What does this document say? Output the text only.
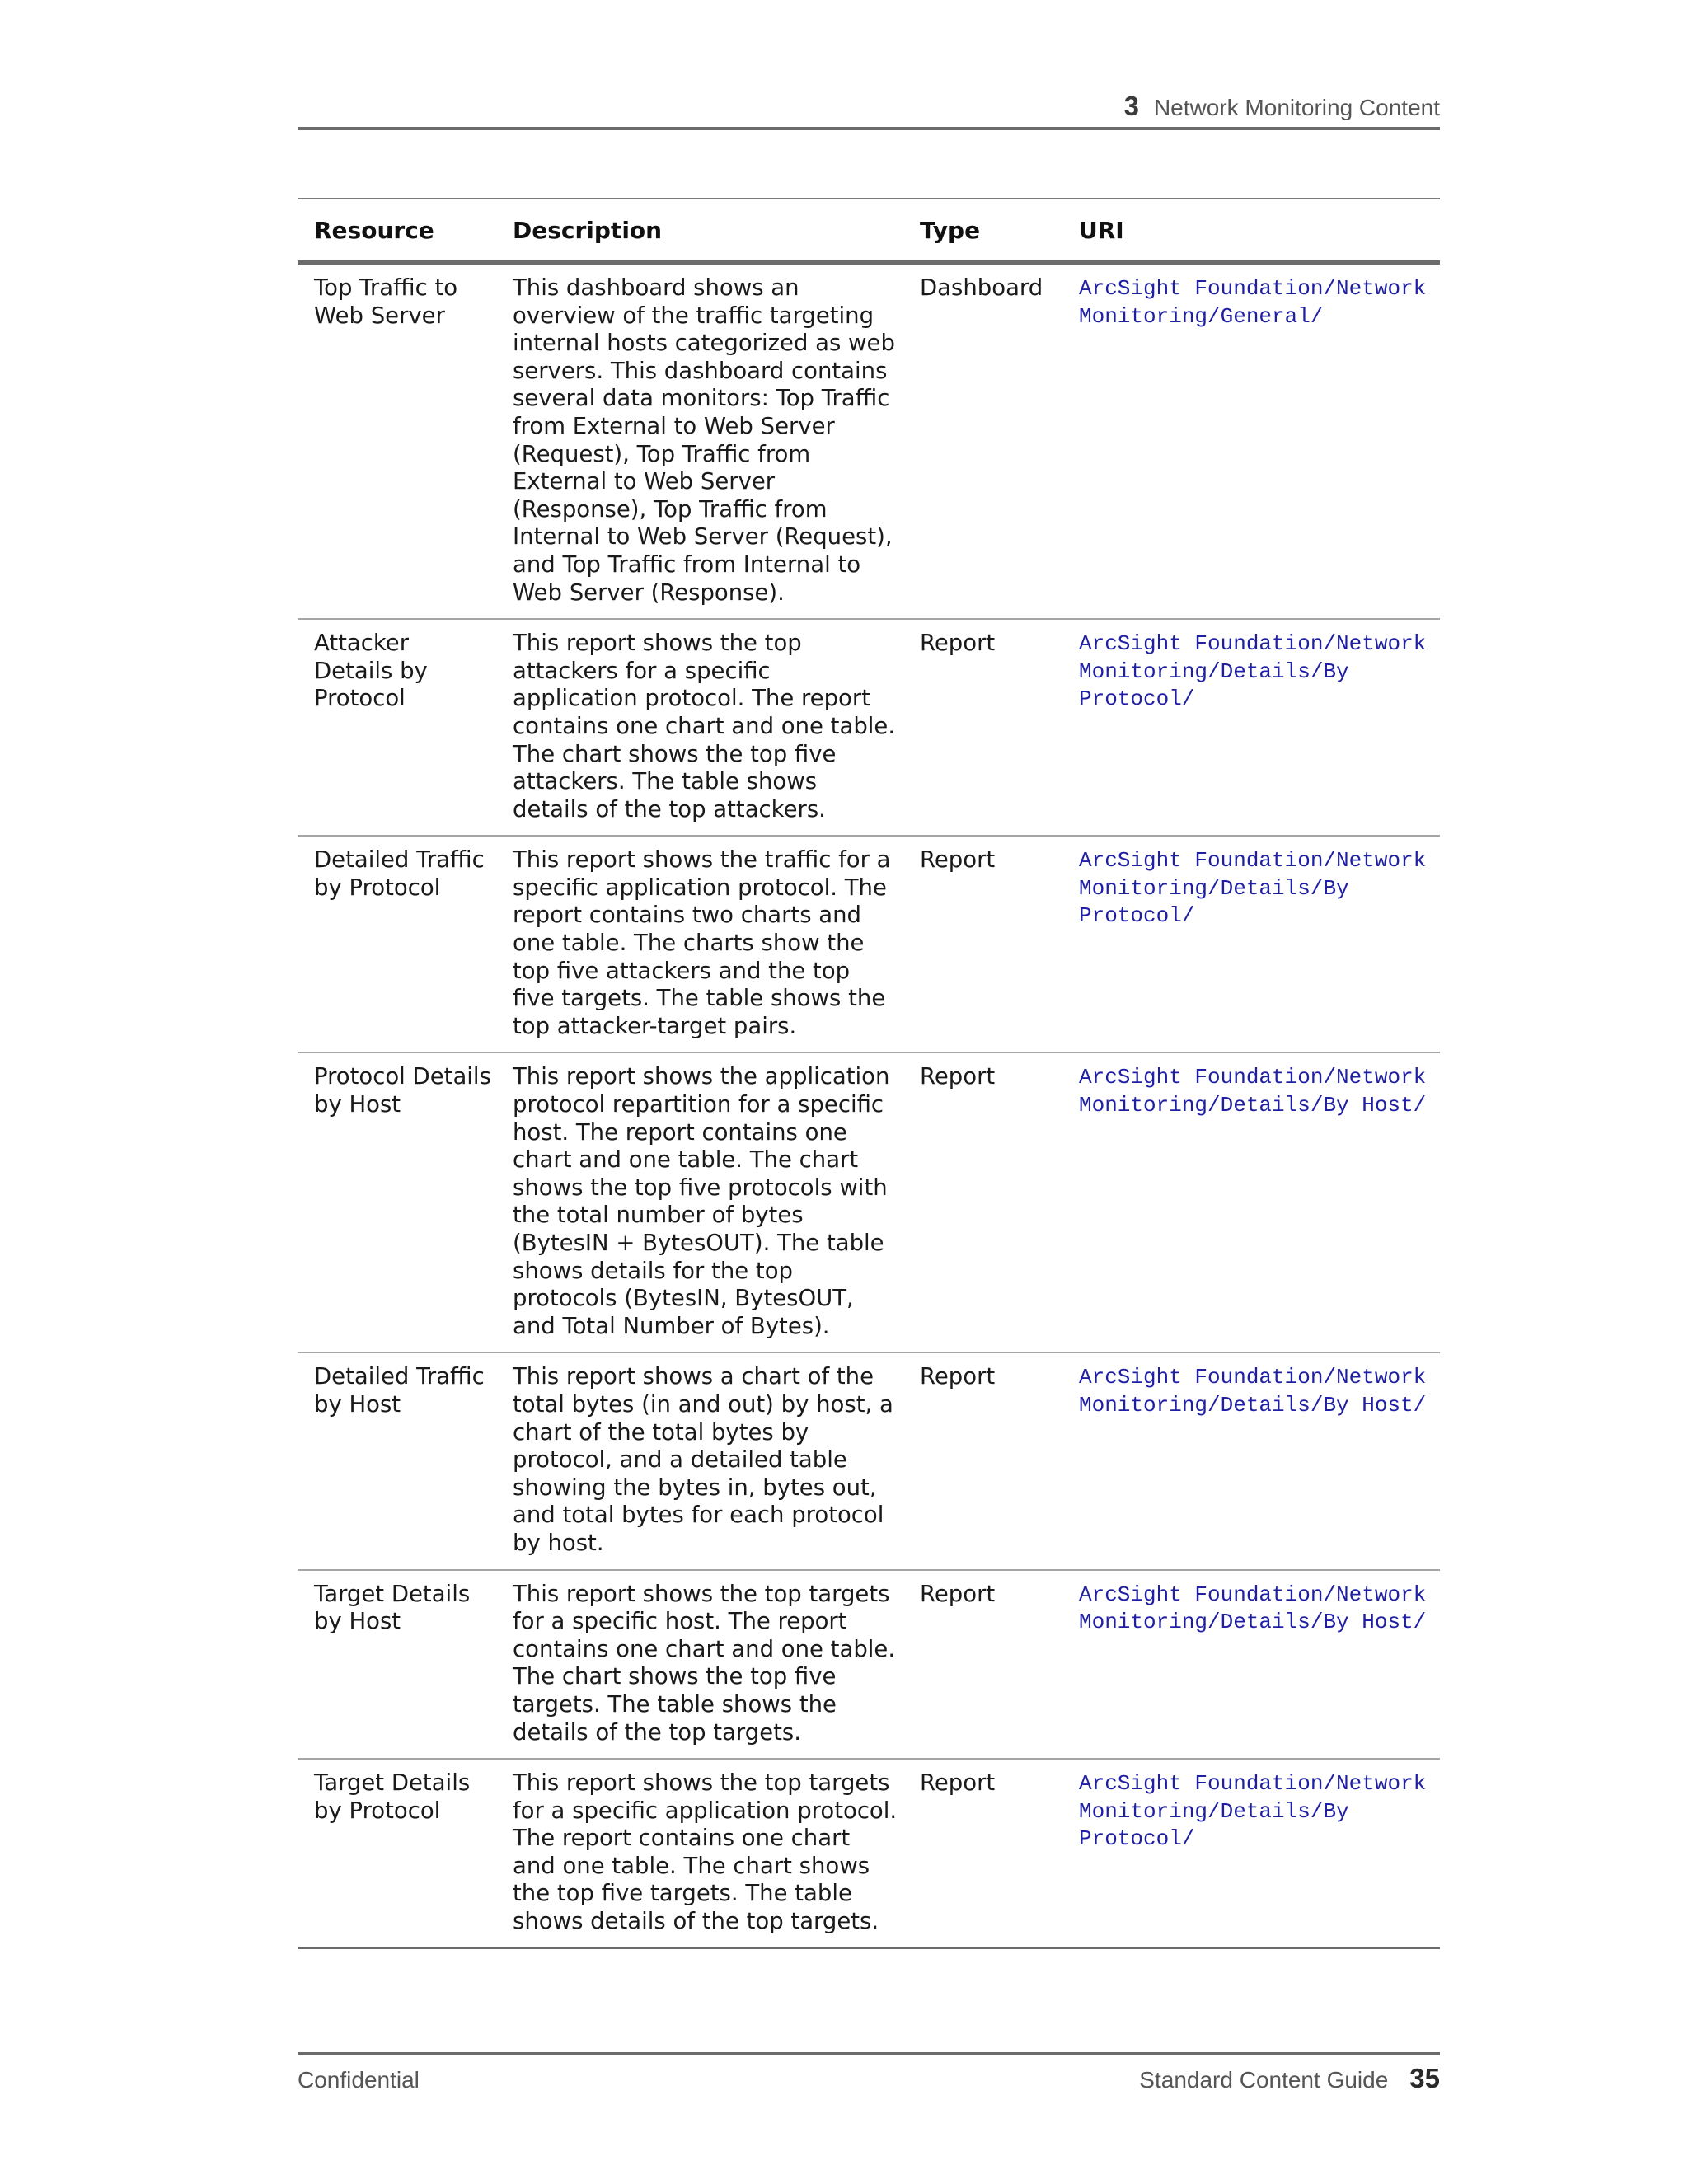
3 Network Monitoring Content
Resource	Description	Type	URI
Top Traffic to Web Server	This dashboard shows an overview of the traffic targeting internal hosts categorized as web servers. This dashboard contains several data monitors: Top Traffic from External to Web Server (Request), Top Traffic from External to Web Server (Response), Top Traffic from Internal to Web Server (Request), and Top Traffic from Internal to Web Server (Response).	Dashboard	ArcSight Foundation/Network Monitoring/General/
Attacker Details by Protocol	This report shows the top attackers for a specific application protocol. The report contains one chart and one table. The chart shows the top five attackers. The table shows details of the top attackers.	Report	ArcSight Foundation/Network Monitoring/Details/By Protocol/
Detailed Traffic by Protocol	This report shows the traffic for a specific application protocol. The report contains two charts and one table. The charts show the top five attackers and the top five targets. The table shows the top attacker-target pairs.	Report	ArcSight Foundation/Network Monitoring/Details/By Protocol/
Protocol Details by Host	This report shows the application protocol repartition for a specific host. The report contains one chart and one table. The chart shows the top five protocols with the total number of bytes (BytesIN + BytesOUT). The table shows details for the top protocols (BytesIN, BytesOUT, and Total Number of Bytes).	Report	ArcSight Foundation/Network Monitoring/Details/By Host/
Detailed Traffic by Host	This report shows a chart of the total bytes (in and out) by host, a chart of the total bytes by protocol, and a detailed table showing the bytes in, bytes out, and total bytes for each protocol by host.	Report	ArcSight Foundation/Network Monitoring/Details/By Host/
Target Details by Host	This report shows the top targets for a specific host. The report contains one chart and one table. The chart shows the top five targets. The table shows the details of the top targets.	Report	ArcSight Foundation/Network Monitoring/Details/By Host/
Target Details by Protocol	This report shows the top targets for a specific application protocol. The report contains one chart and one table. The chart shows the top five targets. The table shows details of the top targets.	Report	ArcSight Foundation/Network Monitoring/Details/By Protocol/
Confidential	Standard Content Guide 35
